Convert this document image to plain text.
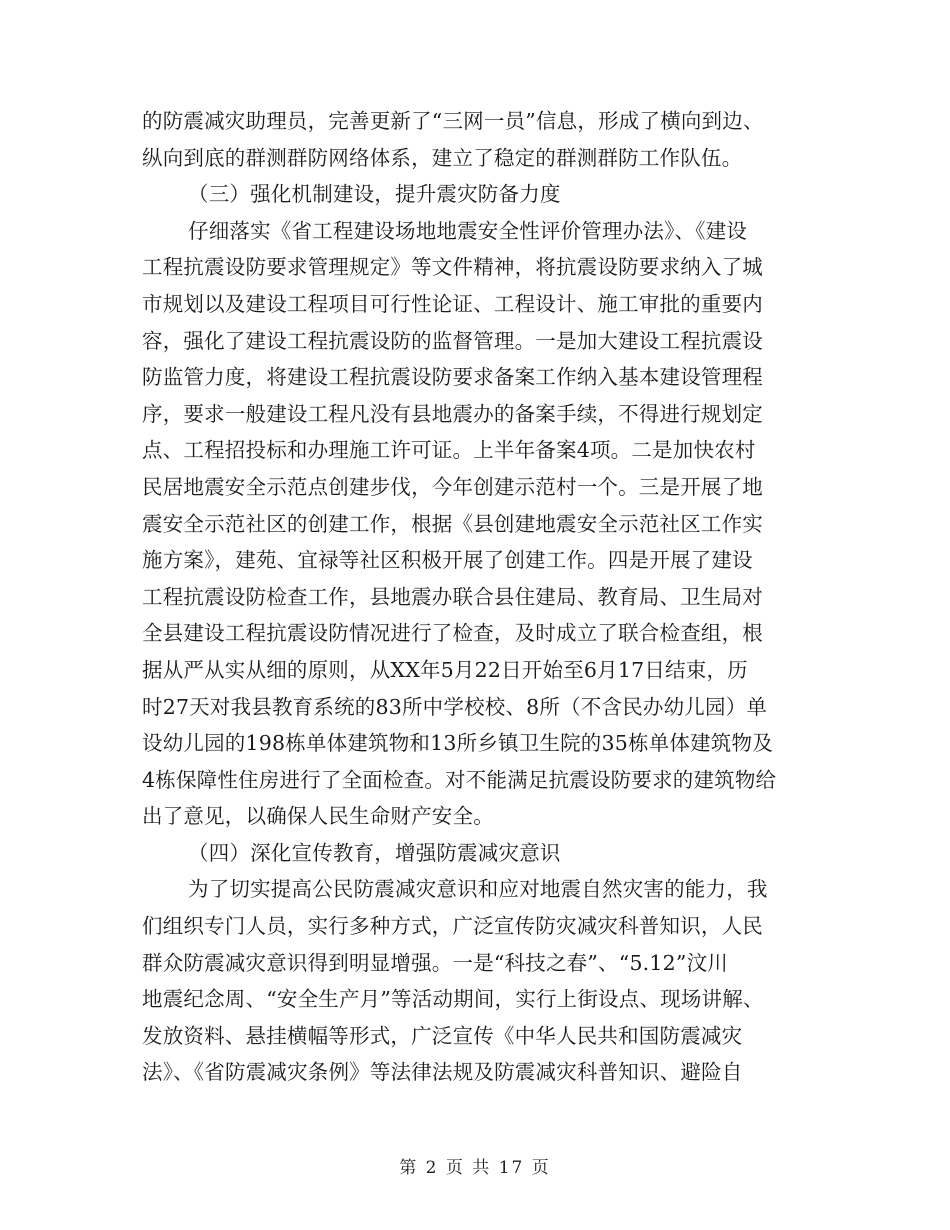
的防震减灾助理员，完善更新了“三网一员”信息，形成了横向到边、
纵向到底的群测群防网络体系，建立了稳定的群测群防工作队伍。
（三）强化机制建设，提升震灾防备力度
仔细落实《省工程建设场地地震安全性评价管理办法》、《建设
工程抗震设防要求管理规定》等文件精神，将抗震设防要求纳入了城
市规划以及建设工程项目可行性论证、工程设计、施工审批的重要内
容，强化了建设工程抗震设防的监督管理。一是加大建设工程抗震设
防监管力度，将建设工程抗震设防要求备案工作纳入基本建设管理程
序，要求一般建设工程凡没有县地震办的备案手续，不得进行规划定
点、工程招投标和办理施工许可证。上半年备案4项。二是加快农村
民居地震安全示范点创建步伐，今年创建示范村一个。三是开展了地
震安全示范社区的创建工作，根据《县创建地震安全示范社区工作实
施方案》，建苑、宜禄等社区积极开展了创建工作。四是开展了建设
工程抗震设防检查工作，县地震办联合县住建局、教育局、卫生局对
全县建设工程抗震设防情况进行了检查，及时成立了联合检查组，根
据从严从实从细的原则，从XX年5月22日开始至6月17日结束，历
时27天对我县教育系统的83所中学校校、8所（不含民办幼儿园）单
设幼儿园的198栋单体建筑物和13所乡镇卫生院的35栋单体建筑物及
4栋保障性住房进行了全面检查。对不能满足抗震设防要求的建筑物给
出了意见，以确保人民生命财产安全。
（四）深化宣传教育，增强防震减灾意识
为了切实提高公民防震减灾意识和应对地震自然灾害的能力，我
们组织专门人员，实行多种方式，广泛宣传防灾减灾科普知识，人民
群众防震减灾意识得到明显增强。一是“科技之春”、“5.12”汶川
地震纪念周、“安全生产月”等活动期间，实行上街设点、现场讲解、
发放资料、悬挂横幅等形式，广泛宣传《中华人民共和国防震减灾
法》、《省防震减灾条例》等法律法规及防震减灾科普知识、避险自
第 2 页 共 17 页
